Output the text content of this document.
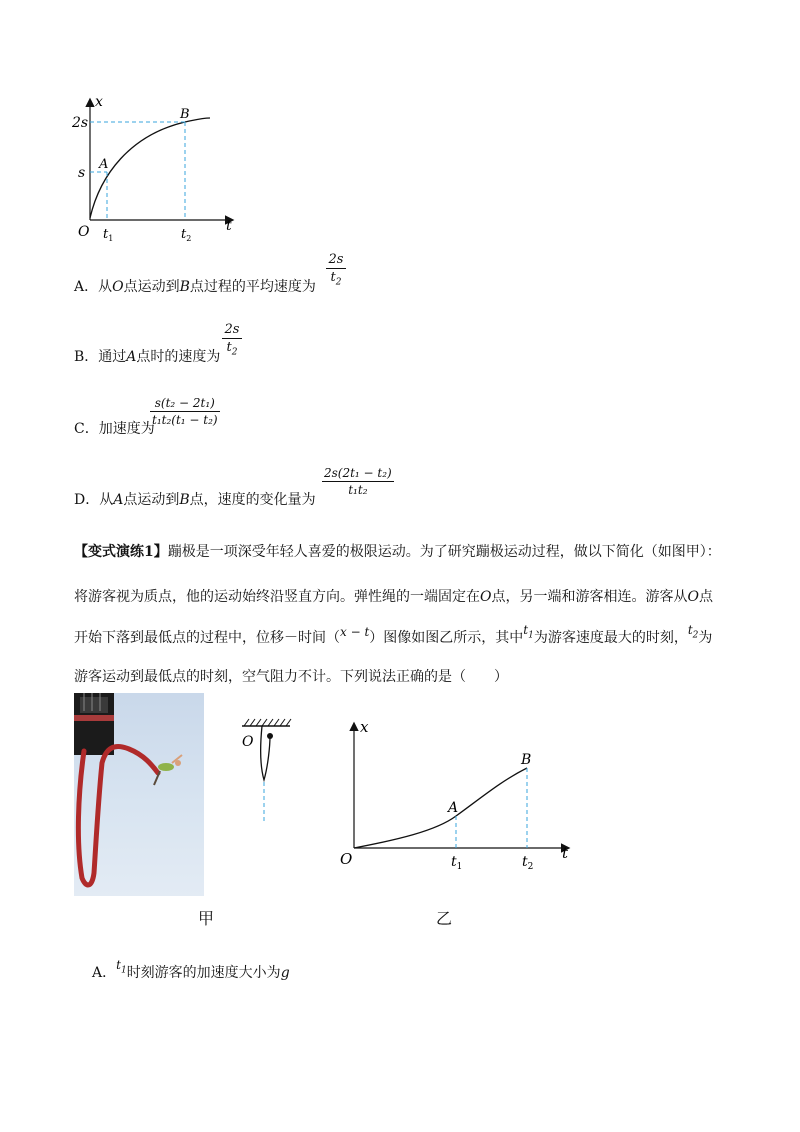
x
t
O
2s
s
A
B
$t_1$	$t_2$
A．从O点运动到B点过程的平均速度为
2s
$t_2$
B．通过A点时的速度为
2s
$t_2$
C．加速度为
s(t₂ − 2t₁)
t₁t₂(t₁ − t₂)
D．从A点运动到B点，速度的变化量为
2s(2t₁ − t₂)
t₁t₂
【变式演练1】蹦极是一项深受年轻人喜爱的极限运动。为了研究蹦极运动过程，做以下简化（如图甲）：
将游客视为质点，他的运动始终沿竖直方向。弹性绳的一端固定在O点，另一端和游客相连。游客从O点
开始下落到最低点的过程中，位移－时间（x − t）图像如图乙所示，其中$t_1$为游客速度最大的时刻，$t_2$为
游客运动到最低点的时刻，空气阻力不计。下列说法正确的是（　　）
O
x
t
O
A
B
$t_1$	$t_2$
甲	乙
A．$t_1$时刻游客的加速度大小为g
